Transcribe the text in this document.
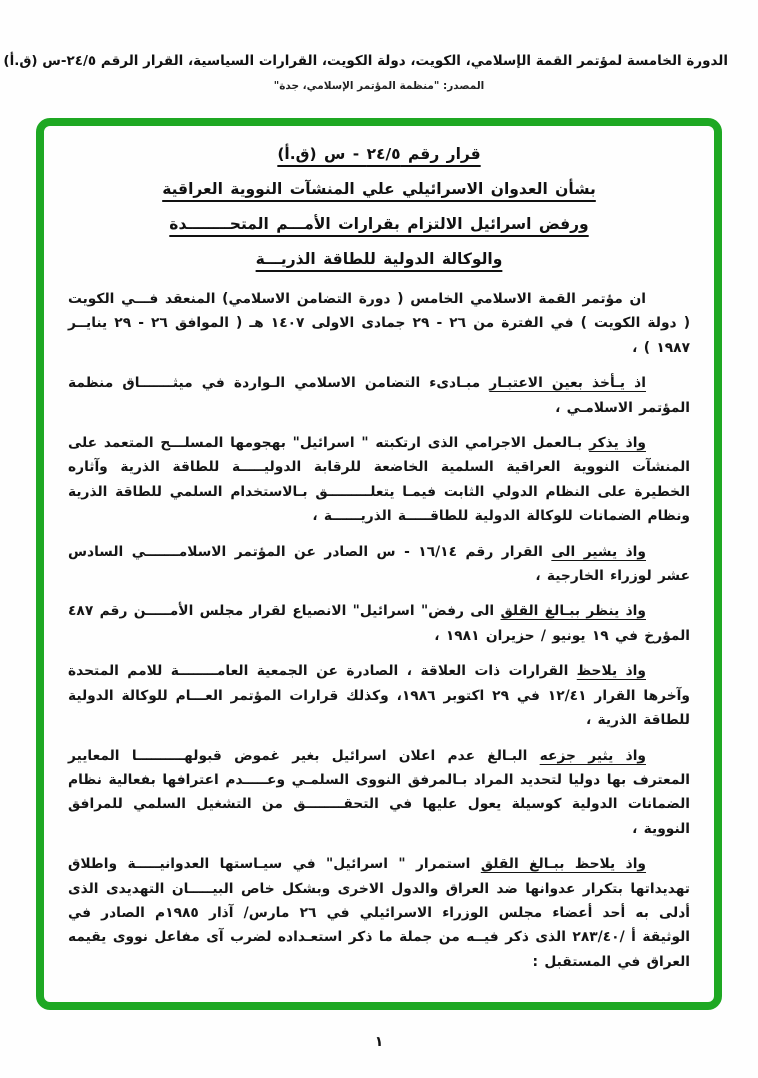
الدورة الخامسة لمؤتمر القمة الإسلامي، الكويت، دولة الكويت، القرارات السياسية، القرار الرقم ٢٤/٥-س (ق.أ)
المصدر: "منظمة المؤتمر الإسلامي، جدة"
قرار رقم ٢٤/٥ - س (ق.أ)
بشأن العدوان الاسرائيلي علي المنشآت النووية العراقية
ورفض اسرائيل الالتزام بقرارات الأمـــم المتحــــــــدة
والوكالة الدولية للطاقة الذريـــة

ان مؤتمر القمة الاسلامي الخامس ( دورة التضامن الاسلامي) المنعقد فـــي الكويت ( دولة الكويت ) في الفترة من ٢٦ - ٢٩ جمادى الاولى ١٤٠٧ هـ ( الموافق ٢٦ - ٢٩ ينايــر ١٩٨٧ ) ،

اذ يـأخذ بعين الاعتبـار مبـادىء التضامن الاسلامي الـواردة في ميثـــــــاق منظمة المؤتمر الاسلامـي ،

واذ يذكر بـالعمل الاجرامي الذى ارتكبته " اسرائيل" بهجومها المسلـــح المتعمد على المنشآت النووية العراقية السلمية الخاضعة للرقابة الدوليـــــة للطاقة الذرية وآثاره الخطيرة على النظام الدولي الثابت فيمـا يتعلـــــــــق بـالاستخدام السلمي للطاقة الذرية ونظام الضمانات للوكالة الدولية للطاقـــــة الذريــــــة ،

واذ يشير الى القرار رقم ١٦/١٤ - س الصادر عن المؤتمر الاسلامـــــــي السادس عشر لوزراء الخارجية ،

واذ ينظر ببـالغ القلق الى رفض" اسرائيل" الانصياع لقرار مجلس الأمـــــن رقم ٤٨٧ المؤرخ في ١٩ يونيو / حزيران ١٩٨١ ،

واذ يلاحظ القرارات ذات العلاقة ، الصادرة عن الجمعية العامــــــــة للامم المتحدة وآخرها القرار ١٢/٤١ في ٢٩ اكتوبر ١٩٨٦، وكذلك قرارات المؤتمر العـــام للوكالة الدولية للطاقة الذرية ،

واذ يثير جزعه البـالغ عدم اعلان اسرائيل بغير غموض قبولهــــــــــا المعايير المعترف بها دوليا لتحديد المراد بـالمرفق النووى السلمـي وعـــــدم اعترافها بفعالية نظام الضمانات الدولية كوسيلة يعول عليها في التحقــــــــق من التشغيل السلمي للمرافق النووية ،

واذ يلاحظ ببـالغ القلق استمرار " اسرائيل" في سيـاستها العدوانيـــــة واطلاق تهديداتها بتكرار عدوانها ضد العراق والدول الاخرى وبشكل خاص البيـــــان التهديدى الذى أدلى به أحد أعضاء مجلس الوزراء الاسرائيلي في ٢٦ مارس/ آذار ١٩٨٥م الصادر في الوثيقة أ /٢٨٣/٤٠ الذى ذكر فيــه من جملة ما ذكر استعـداده لضرب آى مفاعل نووى يقيمه العراق في المستقبل :

١
